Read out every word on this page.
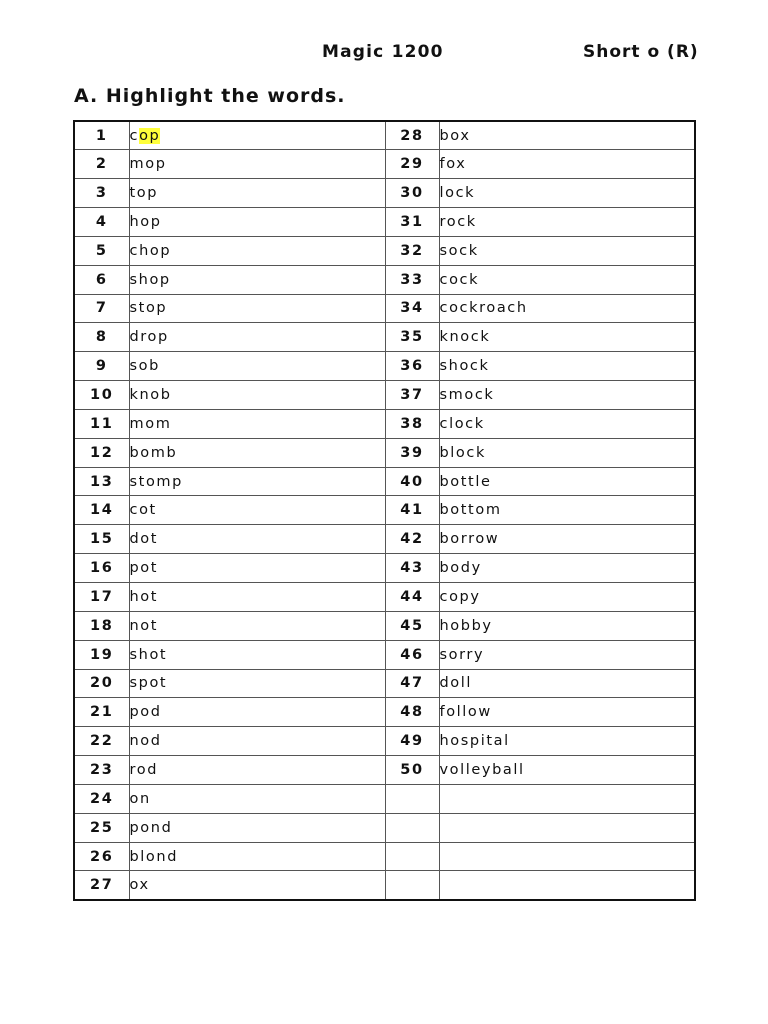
Magic 1200	Short o (R)
A. Highlight the words.
1	cop	28	box
2	mop	29	fox
3	top	30	lock
4	hop	31	rock
5	chop	32	sock
6	shop	33	cock
7	stop	34	cockroach
8	drop	35	knock
9	sob	36	shock
10	knob	37	smock
11	mom	38	clock
12	bomb	39	block
13	stomp	40	bottle
14	cot	41	bottom
15	dot	42	borrow
16	pot	43	body
17	hot	44	copy
18	not	45	hobby
19	shot	46	sorry
20	spot	47	doll
21	pod	48	follow
22	nod	49	hospital
23	rod	50	volleyball
24	on		
25	pond		
26	blond		
27	ox		
